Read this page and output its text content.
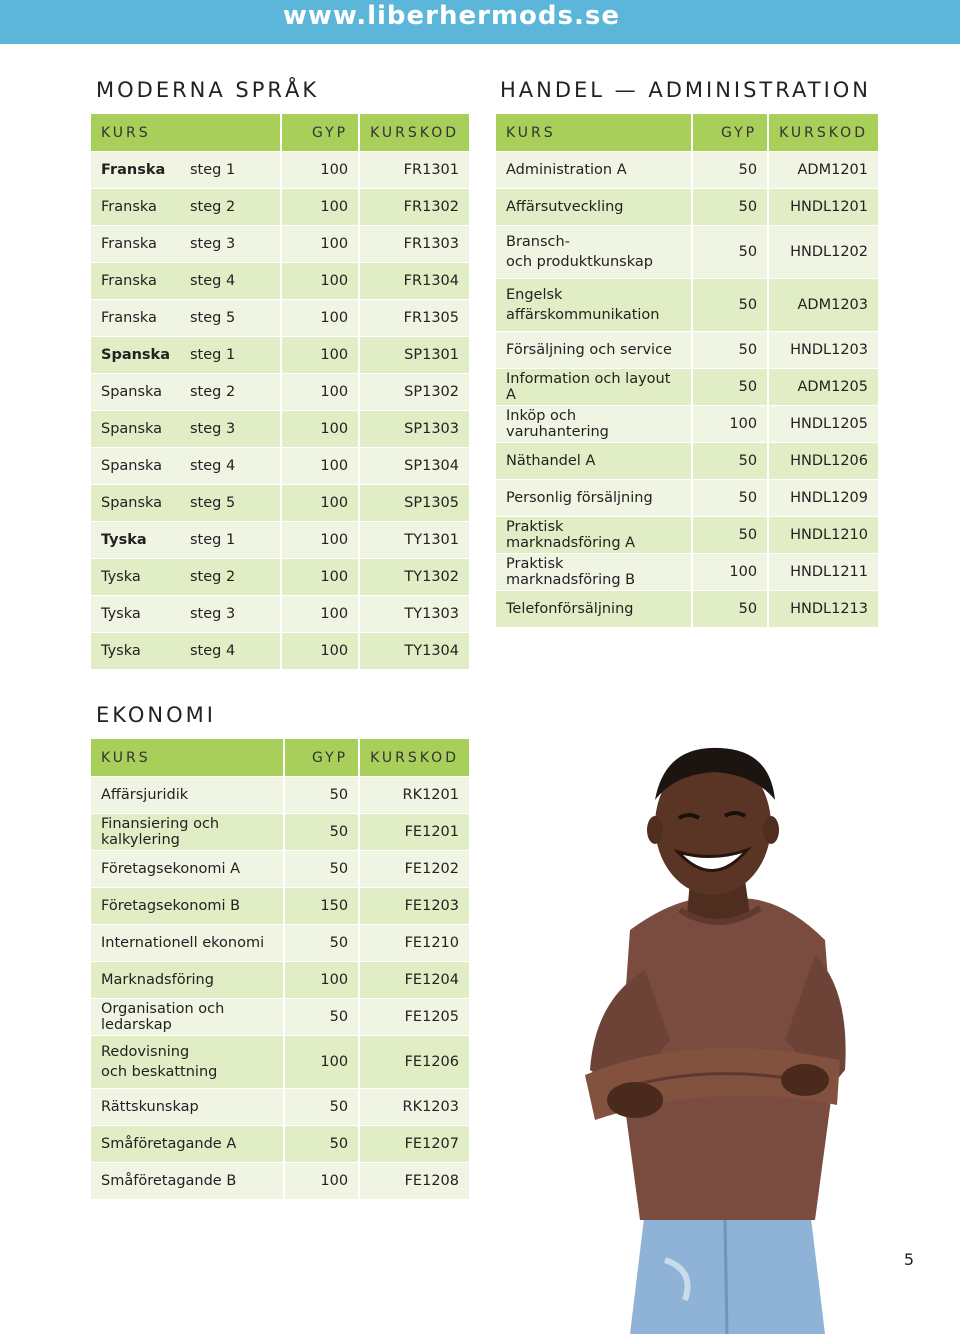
www.liberhermods.se
MODERNA SPRÅK
KURS		GYP	KURSKOD
Franska	steg 1	100	FR1301
Franska	steg 2	100	FR1302
Franska	steg 3	100	FR1303
Franska	steg 4	100	FR1304
Franska	steg 5	100	FR1305
Spanska	steg 1	100	SP1301
Spanska	steg 2	100	SP1302
Spanska	steg 3	100	SP1303
Spanska	steg 4	100	SP1304
Spanska	steg 5	100	SP1305
Tyska	steg 1	100	TY1301
Tyska	steg 2	100	TY1302
Tyska	steg 3	100	TY1303
Tyska	steg 4	100	TY1304
HANDEL — ADMINISTRATION
KURS	GYP	KURSKOD
Administration A	50	ADM1201
Affärsutveckling	50	HNDL1201
Bransch-
och produktkunskap	50	HNDL1202
Engelsk
affärskommunikation	50	ADM1203
Försäljning och service	50	HNDL1203
Information och layout A	50	ADM1205
Inköp och varuhantering	100	HNDL1205
Näthandel A	50	HNDL1206
Personlig försäljning	50	HNDL1209
Praktisk marknadsföring A	50	HNDL1210
Praktisk marknadsföring B	100	HNDL1211
Telefonförsäljning	50	HNDL1213
EKONOMI
KURS	GYP	KURSKOD
Affärsjuridik	50	RK1201
Finansiering och kalkylering	50	FE1201
Företagsekonomi A	50	FE1202
Företagsekonomi B	150	FE1203
Internationell ekonomi	50	FE1210
Marknadsföring	100	FE1204
Organisation och ledarskap	50	FE1205
Redovisning
och beskattning	100	FE1206
Rättskunskap	50	RK1203
Småföretagande A	50	FE1207
Småföretagande B	100	FE1208
5
